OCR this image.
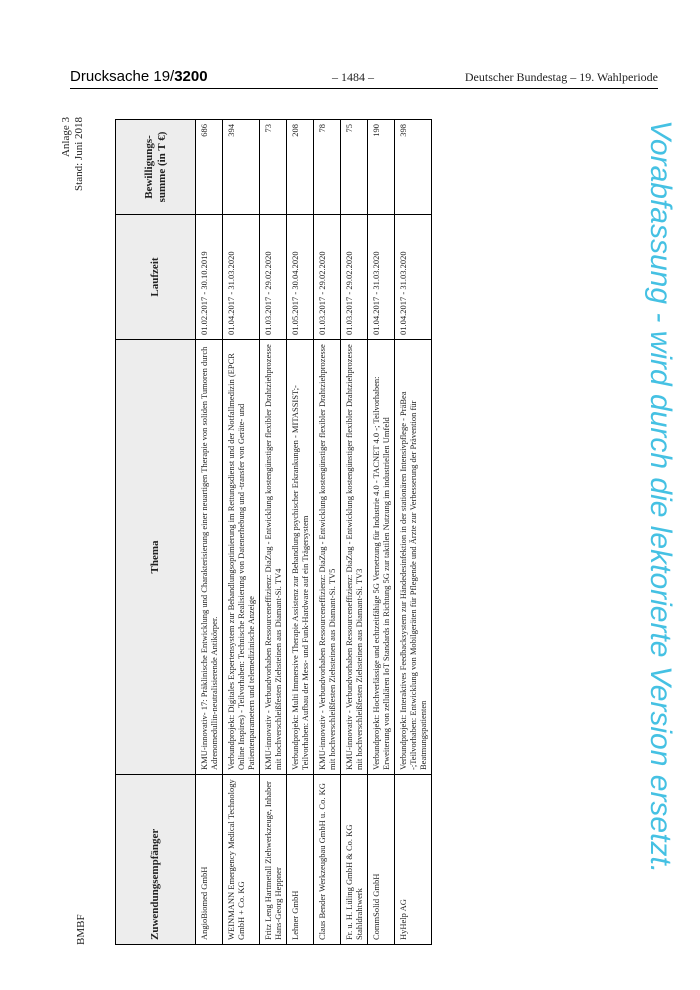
Drucksache 19/3200	– 1484 –	Deutscher Bundestag – 19. Wahlperiode
BMBF
Anlage 3 Stand: Juni 2018
Zuwendungsempfänger	Thema	Laufzeit	Bewilligungs-summe (in T €)
AngioBiomed GmbH	KMU-innovativ- 17: Präklinische Entwicklung und Charakterisierung einer neuartigen Therapie von soliden Tumoren durch Adrenomedullin-neutralisierende Antikörper.	01.02.2017 - 30.10.2019	686
WEINMANN Emergency Medical Technology GmbH + Co. KG	Verbundprojekt: Digitales Expertensystem zur Behandlungsoptimierung im Rettungsdienst und der Notfallmedizin (EPCR Online Inspires) - Teilvorhaben: Technische Realisierung von Datenerhebung und -transfer von Geräte- und Patientenparametern und telemedizinische Anzeige	01.04.2017 - 31.03.2020	394
Fritz Leng Hartmetall Ziehwerkzeuge, Inhaber Hans-Georg Heppner	KMU-innovativ - Verbundvorhaben Ressourceneffizienz: DiaZug - Entwicklung kostengünstiger flexibler Drahtziehprozesse mit hochverschleißfesten Ziehsteinen aus Diamant-Si. TV4	01.03.2017 - 29.02.2020	73
Lehner GmbH	Verbundprojekt: Multi Immersive Therapie Assistenz zur Behandlung psychischer Erkrankungen - MITASSIST;- Teilvorhaben: Aufbau der Mess- und Funk-Hardware auf ein Trägersystem	01.05.2017 - 30.04.2020	208
Claus Bender Werkzeugbau GmbH u. Co. KG	KMU-innovativ - Verbundvorhaben Ressourceneffizienz: DiaZug - Entwicklung kostengünstiger flexibler Drahtziehprozesse mit hochverschleißfesten Ziehsteinen aus Diamant-Si. TV5	01.03.2017 - 29.02.2020	78
Fr. u. H. Lüling GmbH & Co. KG Stahldrahtwerk	KMU-innovativ - Verbundvorhaben Ressourceneffizienz: DiaZug - Entwicklung kostengünstiger flexibler Drahtziehprozesse mit hochverschleißfesten Ziehsteinen aus Diamant-Si. TV3	01.03.2017 - 29.02.2020	75
CommSolid GmbH	Verbundprojekt: Hochverlässige und echtzeitfähige 5G Vernetzung für Industrie 4.0 - TACNET 4.0 -; Teilvorhaben: Erweiterung von zellulären IoT Standards in Richtung 5G zur taktilen Nutzung im industriellen Umfeld	01.04.2017 - 31.03.2020	190
HyHelp AG	Verbundprojekt: Interaktives Feedbacksystem zur Händedesinfektion in der stationären Intensivpflege - PräBea -;Teilvorhaben: Entwicklung von Mobilgeräten für Pflegende und Ärzte zur Verbesserung der Prävention für Beatmungspatienten	01.04.2017 - 31.03.2020	398	Vorabfassung - wird durch die lektorierte Version ersetzt.
